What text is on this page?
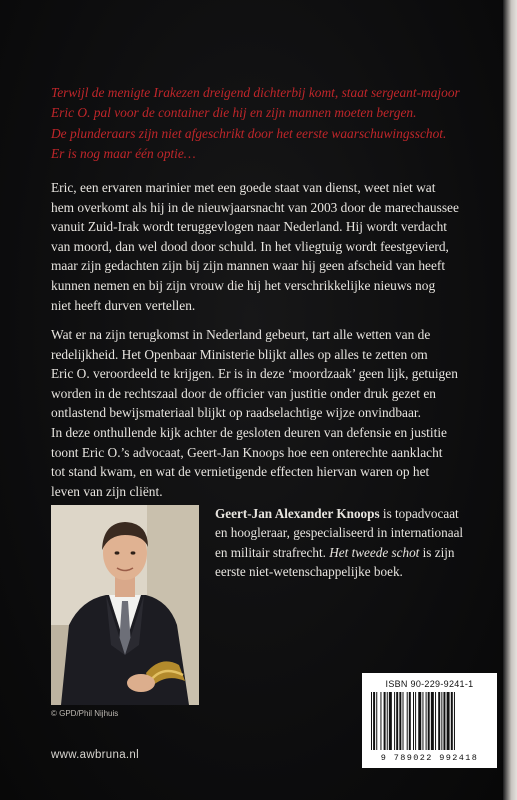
Terwijl de menigte Irakezen dreigend dichterbij komt, staat sergeant-majoor
Eric O. pal voor de container die hij en zijn mannen moeten bergen.
De plunderaars zijn niet afgeschrikt door het eerste waarschuwingsschot.
Er is nog maar één optie…
Eric, een ervaren marinier met een goede staat van dienst, weet niet wat
hem overkomt als hij in de nieuwjaarsnacht van 2003 door de marechaussee
vanuit Zuid-Irak wordt teruggevlogen naar Nederland. Hij wordt verdacht
van moord, dan wel dood door schuld. In het vliegtuig wordt feestgevierd,
maar zijn gedachten zijn bij zijn mannen waar hij geen afscheid van heeft
kunnen nemen en bij zijn vrouw die hij het verschrikkelijke nieuws nog
niet heeft durven vertellen.
Wat er na zijn terugkomst in Nederland gebeurt, tart alle wetten van de
redelijkheid. Het Openbaar Ministerie blijkt alles op alles te zetten om
Eric O. veroordeeld te krijgen. Er is in deze ‘moordzaak’ geen lijk, getuigen
worden in de rechtszaal door de officier van justitie onder druk gezet en
ontlastend bewijsmateriaal blijkt op raadselachtige wijze onvindbaar.
In deze onthullende kijk achter de gesloten deuren van defensie en justitie
toont Eric O.’s advocaat, Geert-Jan Knoops hoe een onterechte aanklacht
tot stand kwam, en wat de vernietigende effecten hiervan waren op het
leven van zijn cliënt.
© GPD/Phil Nijhuis
Geert-Jan Alexander Knoops is topadvocaat
en hoogleraar, gespecialiseerd in internationaal
en militair strafrecht. Het tweede schot is zijn
eerste niet-wetenschappelijke boek.
ISBN 90-229-9241-1
9 789022 992418
www.awbruna.nl
